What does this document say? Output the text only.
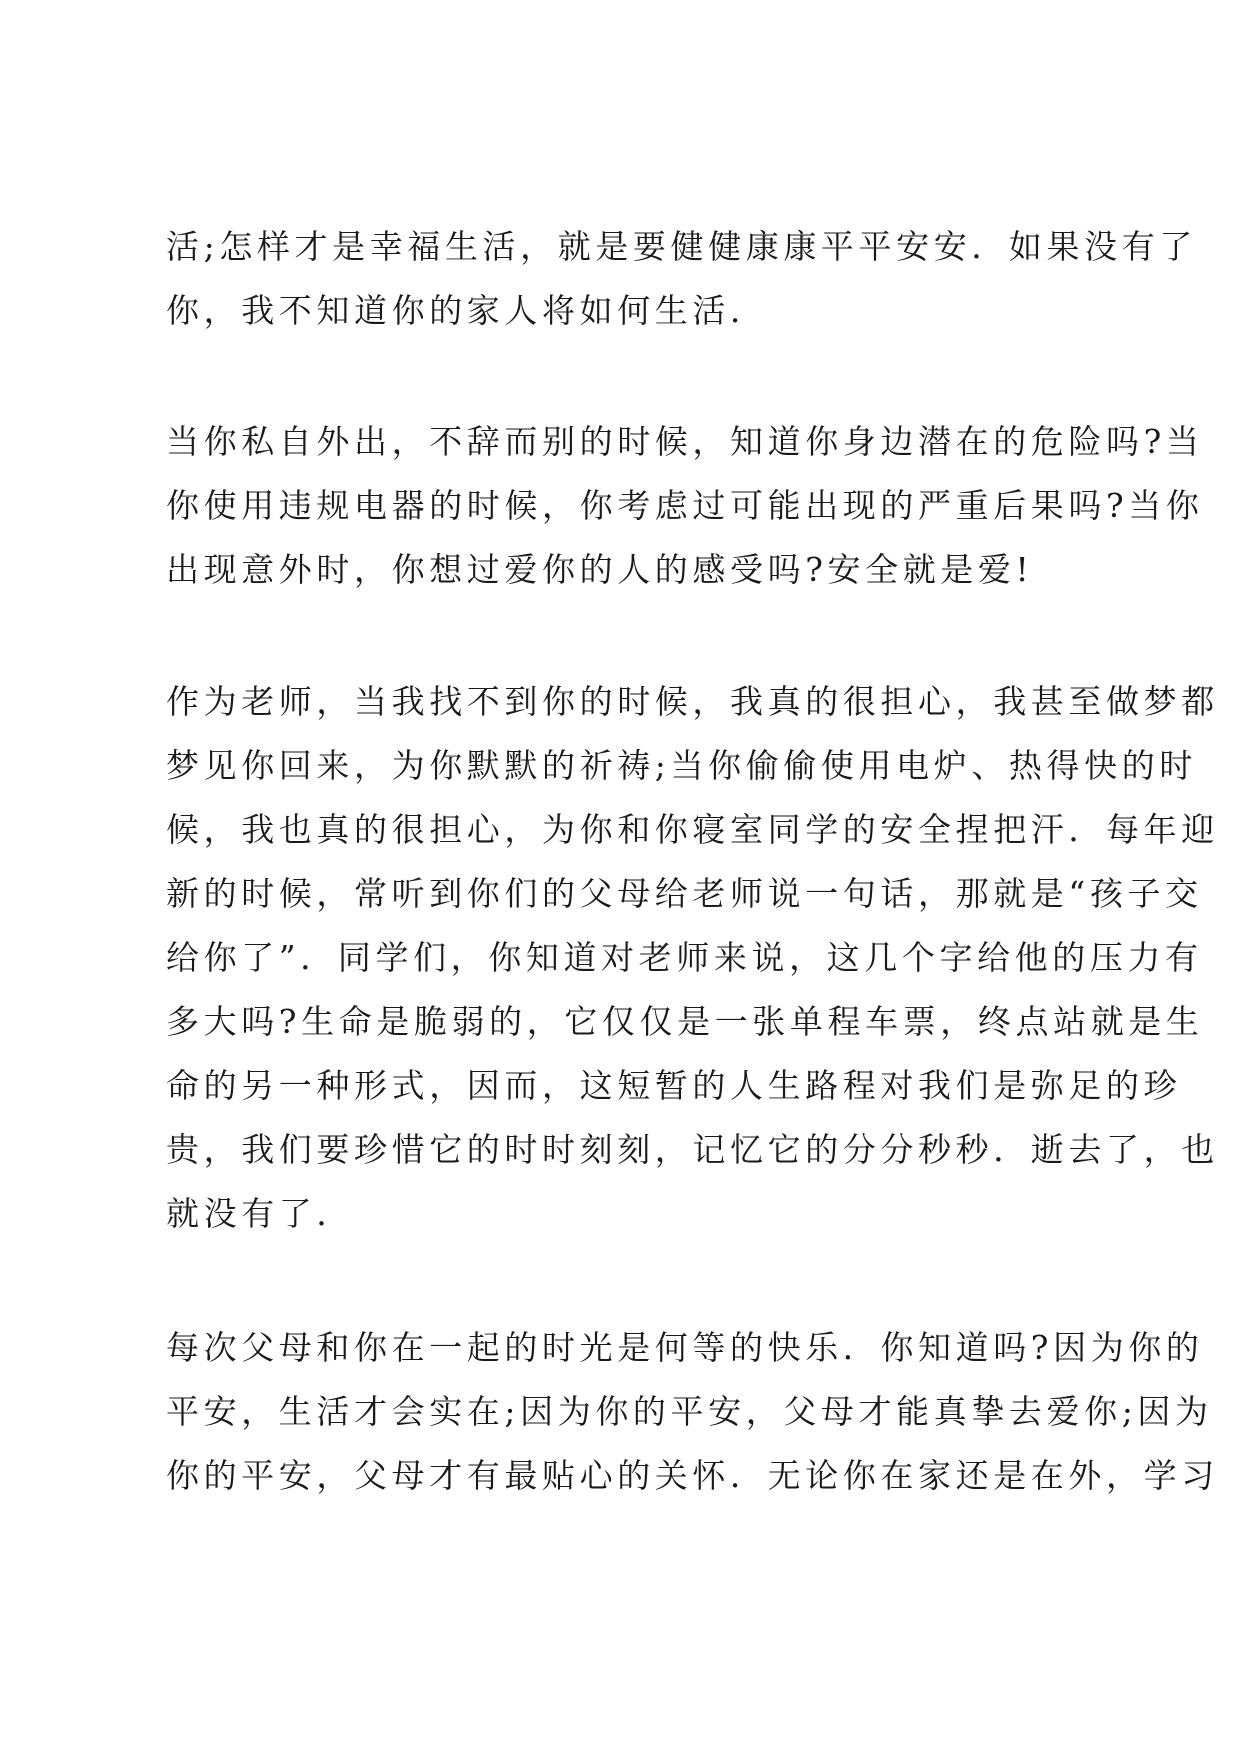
活;怎样才是幸福生活，就是要健健康康平平安安．如果没有了
你，我不知道你的家人将如何生活．
当你私自外出，不辞而别的时候，知道你身边潜在的危险吗?当
你使用违规电器的时候，你考虑过可能出现的严重后果吗?当你
出现意外时，你想过爱你的人的感受吗?安全就是爱!
作为老师，当我找不到你的时候，我真的很担心，我甚至做梦都
梦见你回来，为你默默的祈祷;当你偷偷使用电炉、热得快的时
候，我也真的很担心，为你和你寝室同学的安全捏把汗．每年迎
新的时候，常听到你们的父母给老师说一句话，那就是“孩子交
给你了”．同学们，你知道对老师来说，这几个字给他的压力有
多大吗?生命是脆弱的，它仅仅是一张单程车票，终点站就是生
命的另一种形式，因而，这短暂的人生路程对我们是弥足的珍
贵，我们要珍惜它的时时刻刻，记忆它的分分秒秒．逝去了，也
就没有了．
每次父母和你在一起的时光是何等的快乐．你知道吗?因为你的
平安，生活才会实在;因为你的平安，父母才能真挚去爱你;因为
你的平安，父母才有最贴心的关怀．无论你在家还是在外，学习
